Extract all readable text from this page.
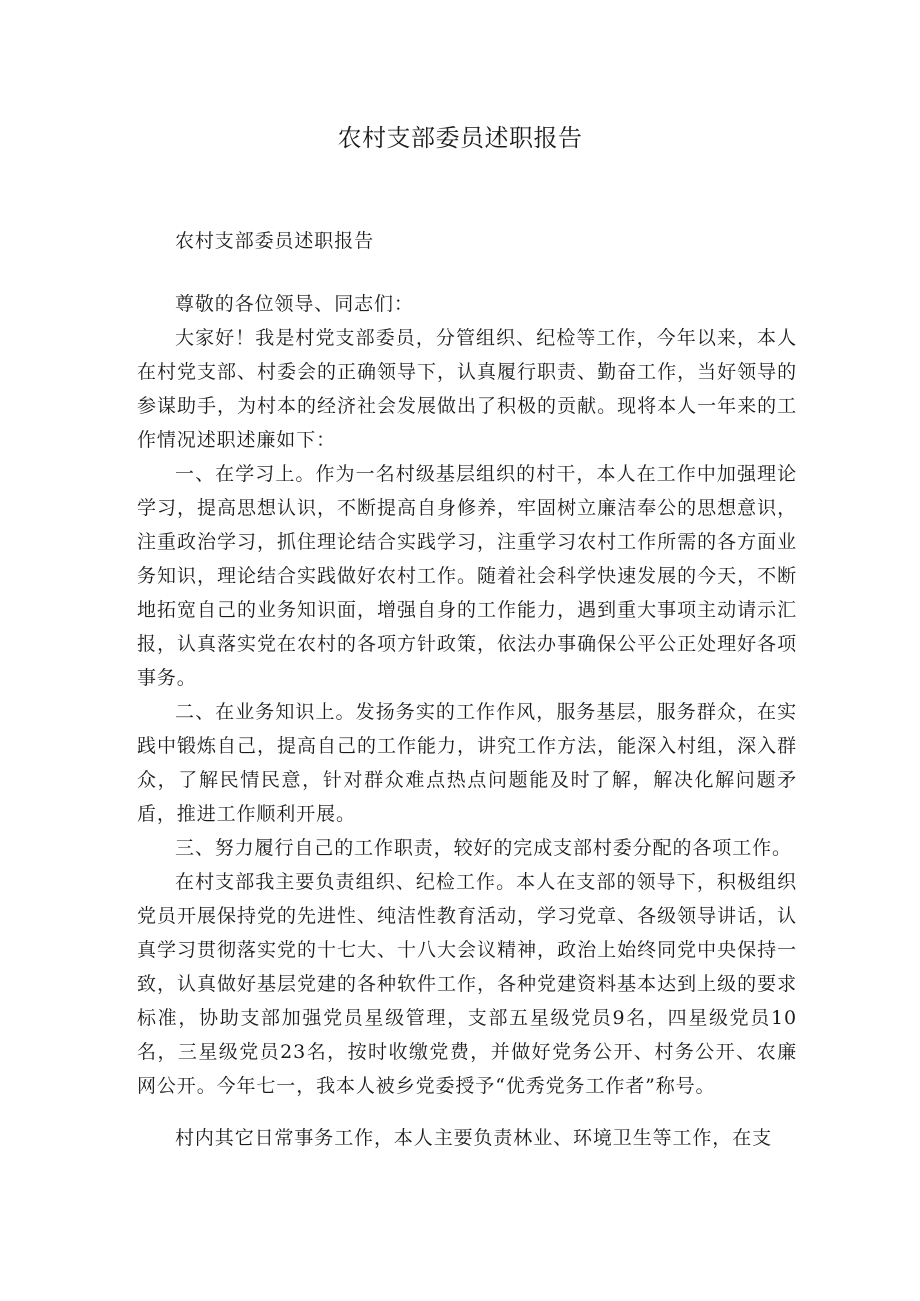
农村支部委员述职报告
农村支部委员述职报告
尊敬的各位领导、同志们：

大家好！我是村党支部委员，分管组织、纪检等工作，今年以来，本人在村党支部、村委会的正确领导下，认真履行职责、勤奋工作，当好领导的参谋助手，为村本的经济社会发展做出了积极的贡献。现将本人一年来的工作情况述职述廉如下：

一、在学习上。作为一名村级基层组织的村干，本人在工作中加强理论学习，提高思想认识，不断提高自身修养，牢固树立廉洁奉公的思想意识，注重政治学习，抓住理论结合实践学习，注重学习农村工作所需的各方面业务知识，理论结合实践做好农村工作。随着社会科学快速发展的今天，不断地拓宽自己的业务知识面，增强自身的工作能力，遇到重大事项主动请示汇报，认真落实党在农村的各项方针政策，依法办事确保公平公正处理好各项事务。

二、在业务知识上。发扬务实的工作作风，服务基层，服务群众，在实践中锻炼自己，提高自己的工作能力，讲究工作方法，能深入村组，深入群众，了解民情民意，针对群众难点热点问题能及时了解，解决化解问题矛盾，推进工作顺利开展。

三、努力履行自己的工作职责，较好的完成支部村委分配的各项工作。

在村支部我主要负责组织、纪检工作。本人在支部的领导下，积极组织党员开展保持党的先进性、纯洁性教育活动，学习党章、各级领导讲话，认真学习贯彻落实党的十七大、十八大会议精神，政治上始终同党中央保持一致，认真做好基层党建的各种软件工作，各种党建资料基本达到上级的要求标准，协助支部加强党员星级管理，支部五星级党员9名，四星级党员10名，三星级党员23名，按时收缴党费，并做好党务公开、村务公开、农廉网公开。今年七一，我本人被乡党委授予“优秀党务工作者”称号。

村内其它日常事务工作，本人主要负责林业、环境卫生等工作，在支
